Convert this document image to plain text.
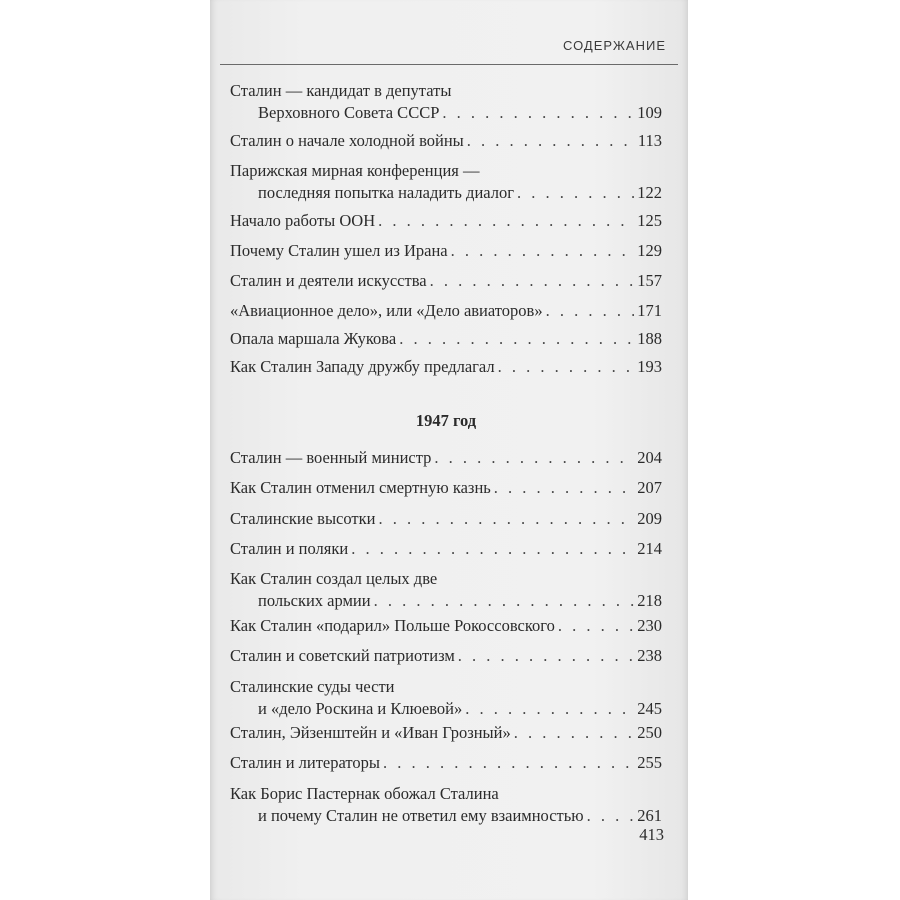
СОДЕРЖАНИЕ
Сталин — кандидат в депутаты
Верховного Совета СССР . . .	109
Сталин о начале холодной войны . . .	113
Парижская мирная конференция —
последняя попытка наладить диалог . . .	122
Начало работы ООН . . .	125
Почему Сталин ушел из Ирана . . .	129
Сталин и деятели искусства . . .	157
«Авиационное дело», или «Дело авиаторов» . . .	171
Опала маршала Жукова . . .	188
Как Сталин Западу дружбу предлагал . . .	193
1947 год
Сталин — военный министр . . .	204
Как Сталин отменил смертную казнь . . .	207
Сталинские высотки . . .	209
Сталин и поляки . . .	214
Как Сталин создал целых две
польских армии . . .	218
Как Сталин «подарил» Польше Рокоссовского . . .	230
Сталин и советский патриотизм . . .	238
Сталинские суды чести
и «дело Роскина и Клюевой» . . .	245
Сталин, Эйзенштейн и «Иван Грозный» . . .	250
Сталин и литераторы . . .	255
Как Борис Пастернак обожал Сталина
и почему Сталин не ответил ему взаимностью . . .	261
413
